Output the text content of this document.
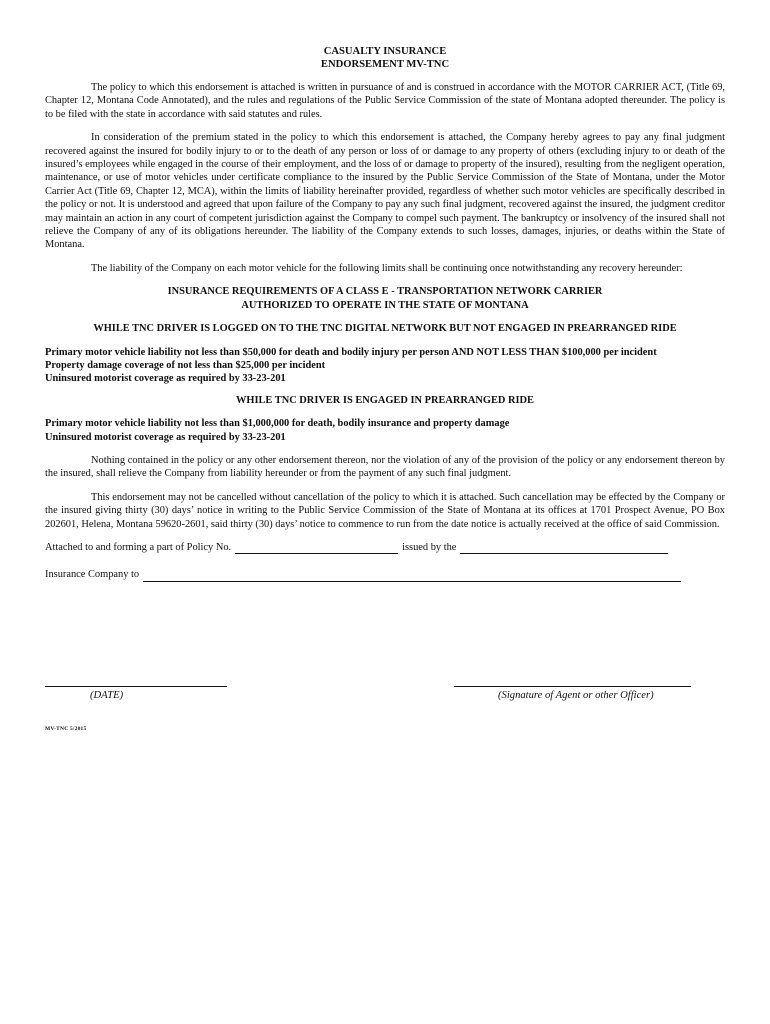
CASUALTY INSURANCE
ENDORSEMENT MV-TNC

The policy to which this endorsement is attached is written in pursuance of and is construed in accordance with the MOTOR CARRIER ACT, (Title 69, Chapter 12, Montana Code Annotated), and the rules and regulations of the Public Service Commission of the state of Montana adopted thereunder. The policy is to be filed with the state in accordance with said statutes and rules.

In consideration of the premium stated in the policy to which this endorsement is attached, the Company hereby agrees to pay any final judgment recovered against the insured for bodily injury to or to the death of any person or loss of or damage to any property of others (excluding injury to or death of the insured’s employees while engaged in the course of their employment, and the loss of or damage to property of the insured), resulting from the negligent operation, maintenance, or use of motor vehicles under certificate compliance to the insured by the Public Service Commission of the State of Montana, under the Motor Carrier Act (Title 69, Chapter 12, MCA), within the limits of liability hereinafter provided, regardless of whether such motor vehicles are specifically described in the policy or not. It is understood and agreed that upon failure of the Company to pay any such final judgment, recovered against the insured, the judgment creditor may maintain an action in any court of competent jurisdiction against the Company to compel such payment. The bankruptcy or insolvency of the insured shall not relieve the Company of any of its obligations hereunder. The liability of the Company extends to such losses, damages, injuries, or deaths within the State of Montana.

The liability of the Company on each motor vehicle for the following limits shall be continuing once notwithstanding any recovery hereunder:

INSURANCE REQUIREMENTS OF A CLASS E - TRANSPORTATION NETWORK CARRIER
AUTHORIZED TO OPERATE IN THE STATE OF MONTANA
WHILE TNC DRIVER IS LOGGED ON TO THE TNC DIGITAL NETWORK BUT NOT ENGAGED IN PREARRANGED RIDE
Primary motor vehicle liability not less than $50,000 for death and bodily injury per person AND NOT LESS THAN $100,000 per incident
Property damage coverage of not less than $25,000 per incident
Uninsured motorist coverage as required by 33-23-201
WHILE TNC DRIVER IS ENGAGED IN PREARRANGED RIDE
Primary motor vehicle liability not less than $1,000,000 for death, bodily insurance and property damage
Uninsured motorist coverage as required by 33-23-201

Nothing contained in the policy or any other endorsement thereon, nor the violation of any of the provision of the policy or any endorsement thereon by the insured, shall relieve the Company from liability hereunder or from the payment of any such final judgment.

This endorsement may not be cancelled without cancellation of the policy to which it is attached. Such cancellation may be effected by the Company or the insured giving thirty (30) days’ notice in writing to the Public Service Commission of the State of Montana at its offices at 1701 Prospect Avenue, PO Box 202601, Helena, Montana 59620-2601, said thirty (30) days’ notice to commence to run from the date notice is actually received at the office of said Commission.

Attached to and forming a part of Policy No.	issued by the
Insurance Company to
(DATE)	(Signature of Agent or other Officer)
MV-TNC 5/2015
